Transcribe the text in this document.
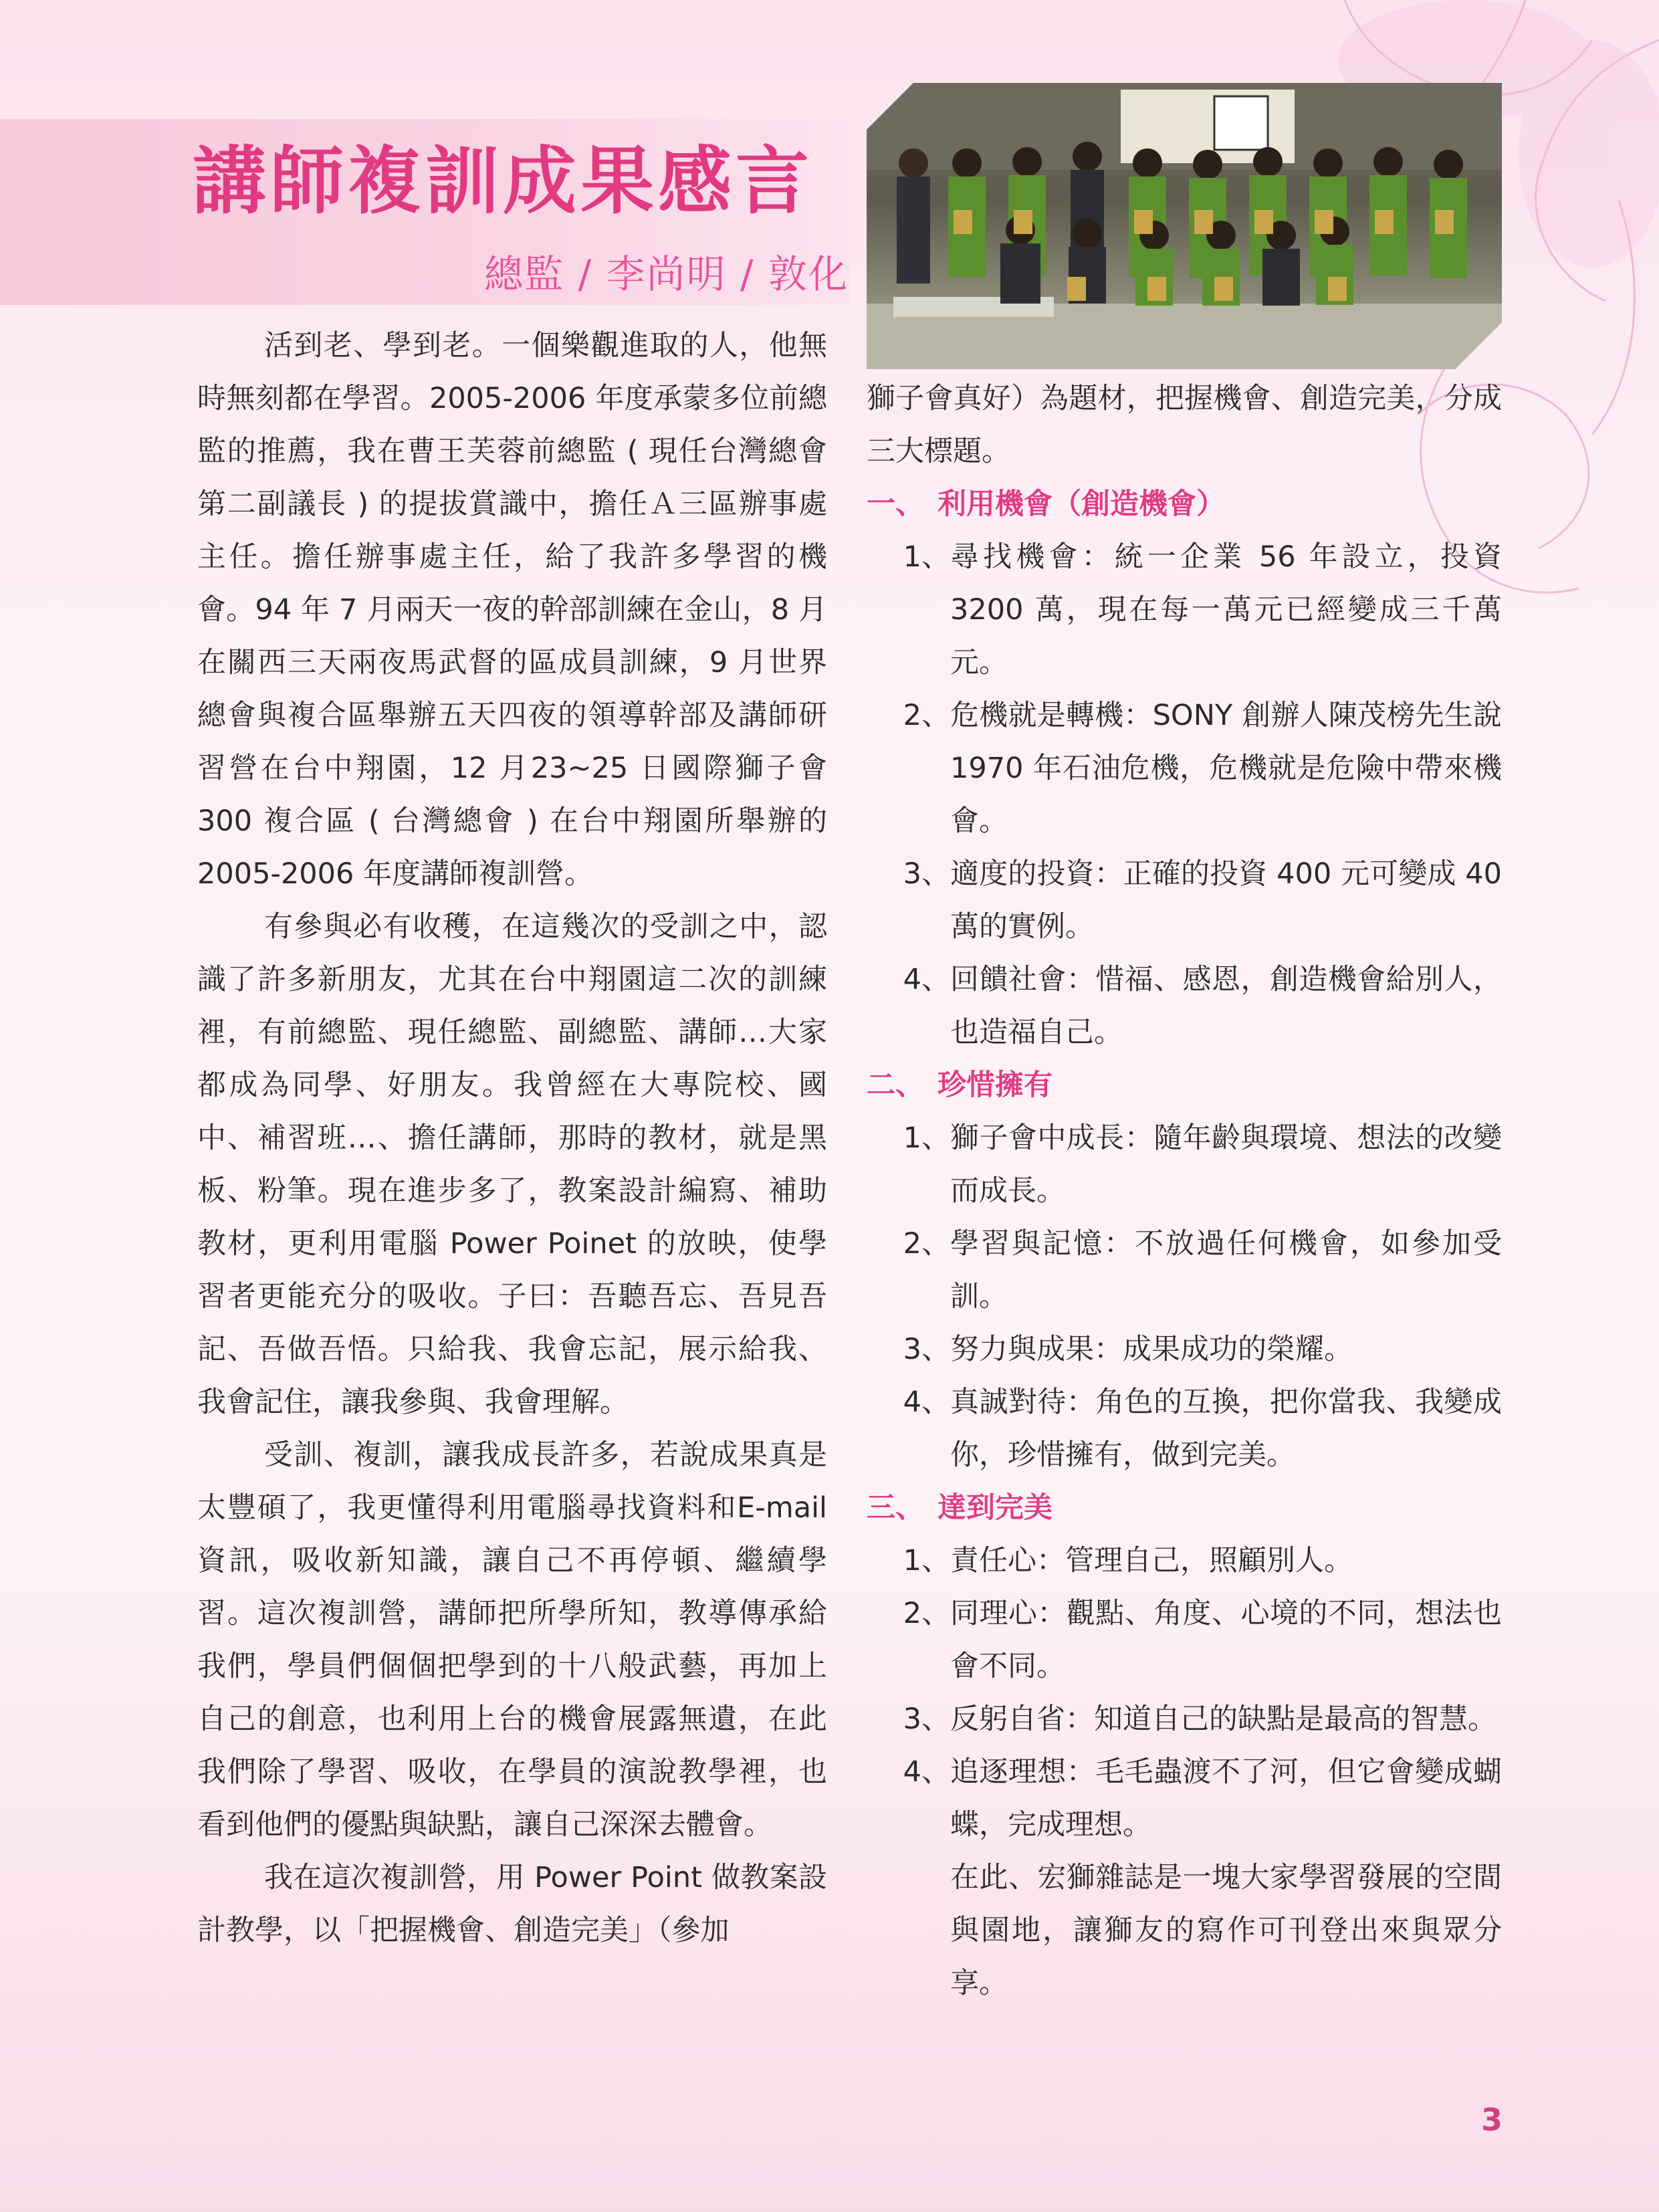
講師複訓成果感言
總監 / 李尚明 / 敦化

活到老、學到老。一個樂觀進取的人，他無時無刻都在學習。2005-2006 年度承蒙多位前總監的推薦，我在曹王芙蓉前總監 ( 現任台灣總會第二副議長 ) 的提拔賞識中，擔任Ａ三區辦事處主任。擔任辦事處主任，給了我許多學習的機會。94 年 7 月兩天一夜的幹部訓練在金山，8 月在關西三天兩夜馬武督的區成員訓練，9 月世界總會與複合區舉辦五天四夜的領導幹部及講師研習營在台中翔園，12 月23~25 日國際獅子會 300 複合區 ( 台灣總會 ) 在台中翔園所舉辦的 2005-2006 年度講師複訓營。

有參與必有收穫，在這幾次的受訓之中，認識了許多新朋友，尤其在台中翔園這二次的訓練裡，有前總監、現任總監、副總監、講師…大家都成為同學、好朋友。我曾經在大專院校、國中、補習班…、擔任講師，那時的教材，就是黑板、粉筆。現在進步多了，教案設計編寫、補助教材，更利用電腦 Power Poinet 的放映，使學習者更能充分的吸收。子曰：吾聽吾忘、吾見吾記、吾做吾悟。只給我、我會忘記，展示給我、我會記住，讓我參與、我會理解。

受訓、複訓，讓我成長許多，若說成果真是太豐碩了，我更懂得利用電腦尋找資料和E-mail 資訊，吸收新知識，讓自己不再停頓、繼續學習。這次複訓營，講師把所學所知，教導傳承給我們，學員們個個把學到的十八般武藝，再加上自己的創意，也利用上台的機會展露無遺，在此我們除了學習、吸收，在學員的演說教學裡，也看到他們的優點與缺點，讓自己深深去體會。

我在這次複訓營，用 Power Point 做教案設計教學，以「把握機會、創造完美」（參加

獅子會真好）為題材，把握機會、創造完美，分成三大標題。

一、 利用機會（創造機會）
1、 尋找機會：統一企業 56 年設立，投資 3200 萬，現在每一萬元已經變成三千萬元。
2、 危機就是轉機：SONY 創辦人陳茂榜先生說 1970 年石油危機，危機就是危險中帶來機會。
3、 適度的投資：正確的投資 400 元可變成 40 萬的實例。
4、 回饋社會：惜福、感恩，創造機會給別人，也造福自己。
二、 珍惜擁有
1、 獅子會中成長：隨年齡與環境、想法的改變而成長。
2、 學習與記憶：不放過任何機會，如參加受訓。
3、 努力與成果：成果成功的榮耀。
4、 真誠對待：角色的互換，把你當我、我變成你，珍惜擁有，做到完美。
三、 達到完美
1、 責任心：管理自己，照顧別人。
2、 同理心：觀點、角度、心境的不同，想法也會不同。
3、 反躬自省：知道自己的缺點是最高的智慧。
4、 追逐理想：毛毛蟲渡不了河，但它會變成蝴蝶，完成理想。

在此、宏獅雜誌是一塊大家學習發展的空間與園地，讓獅友的寫作可刊登出來與眾分享。

3
